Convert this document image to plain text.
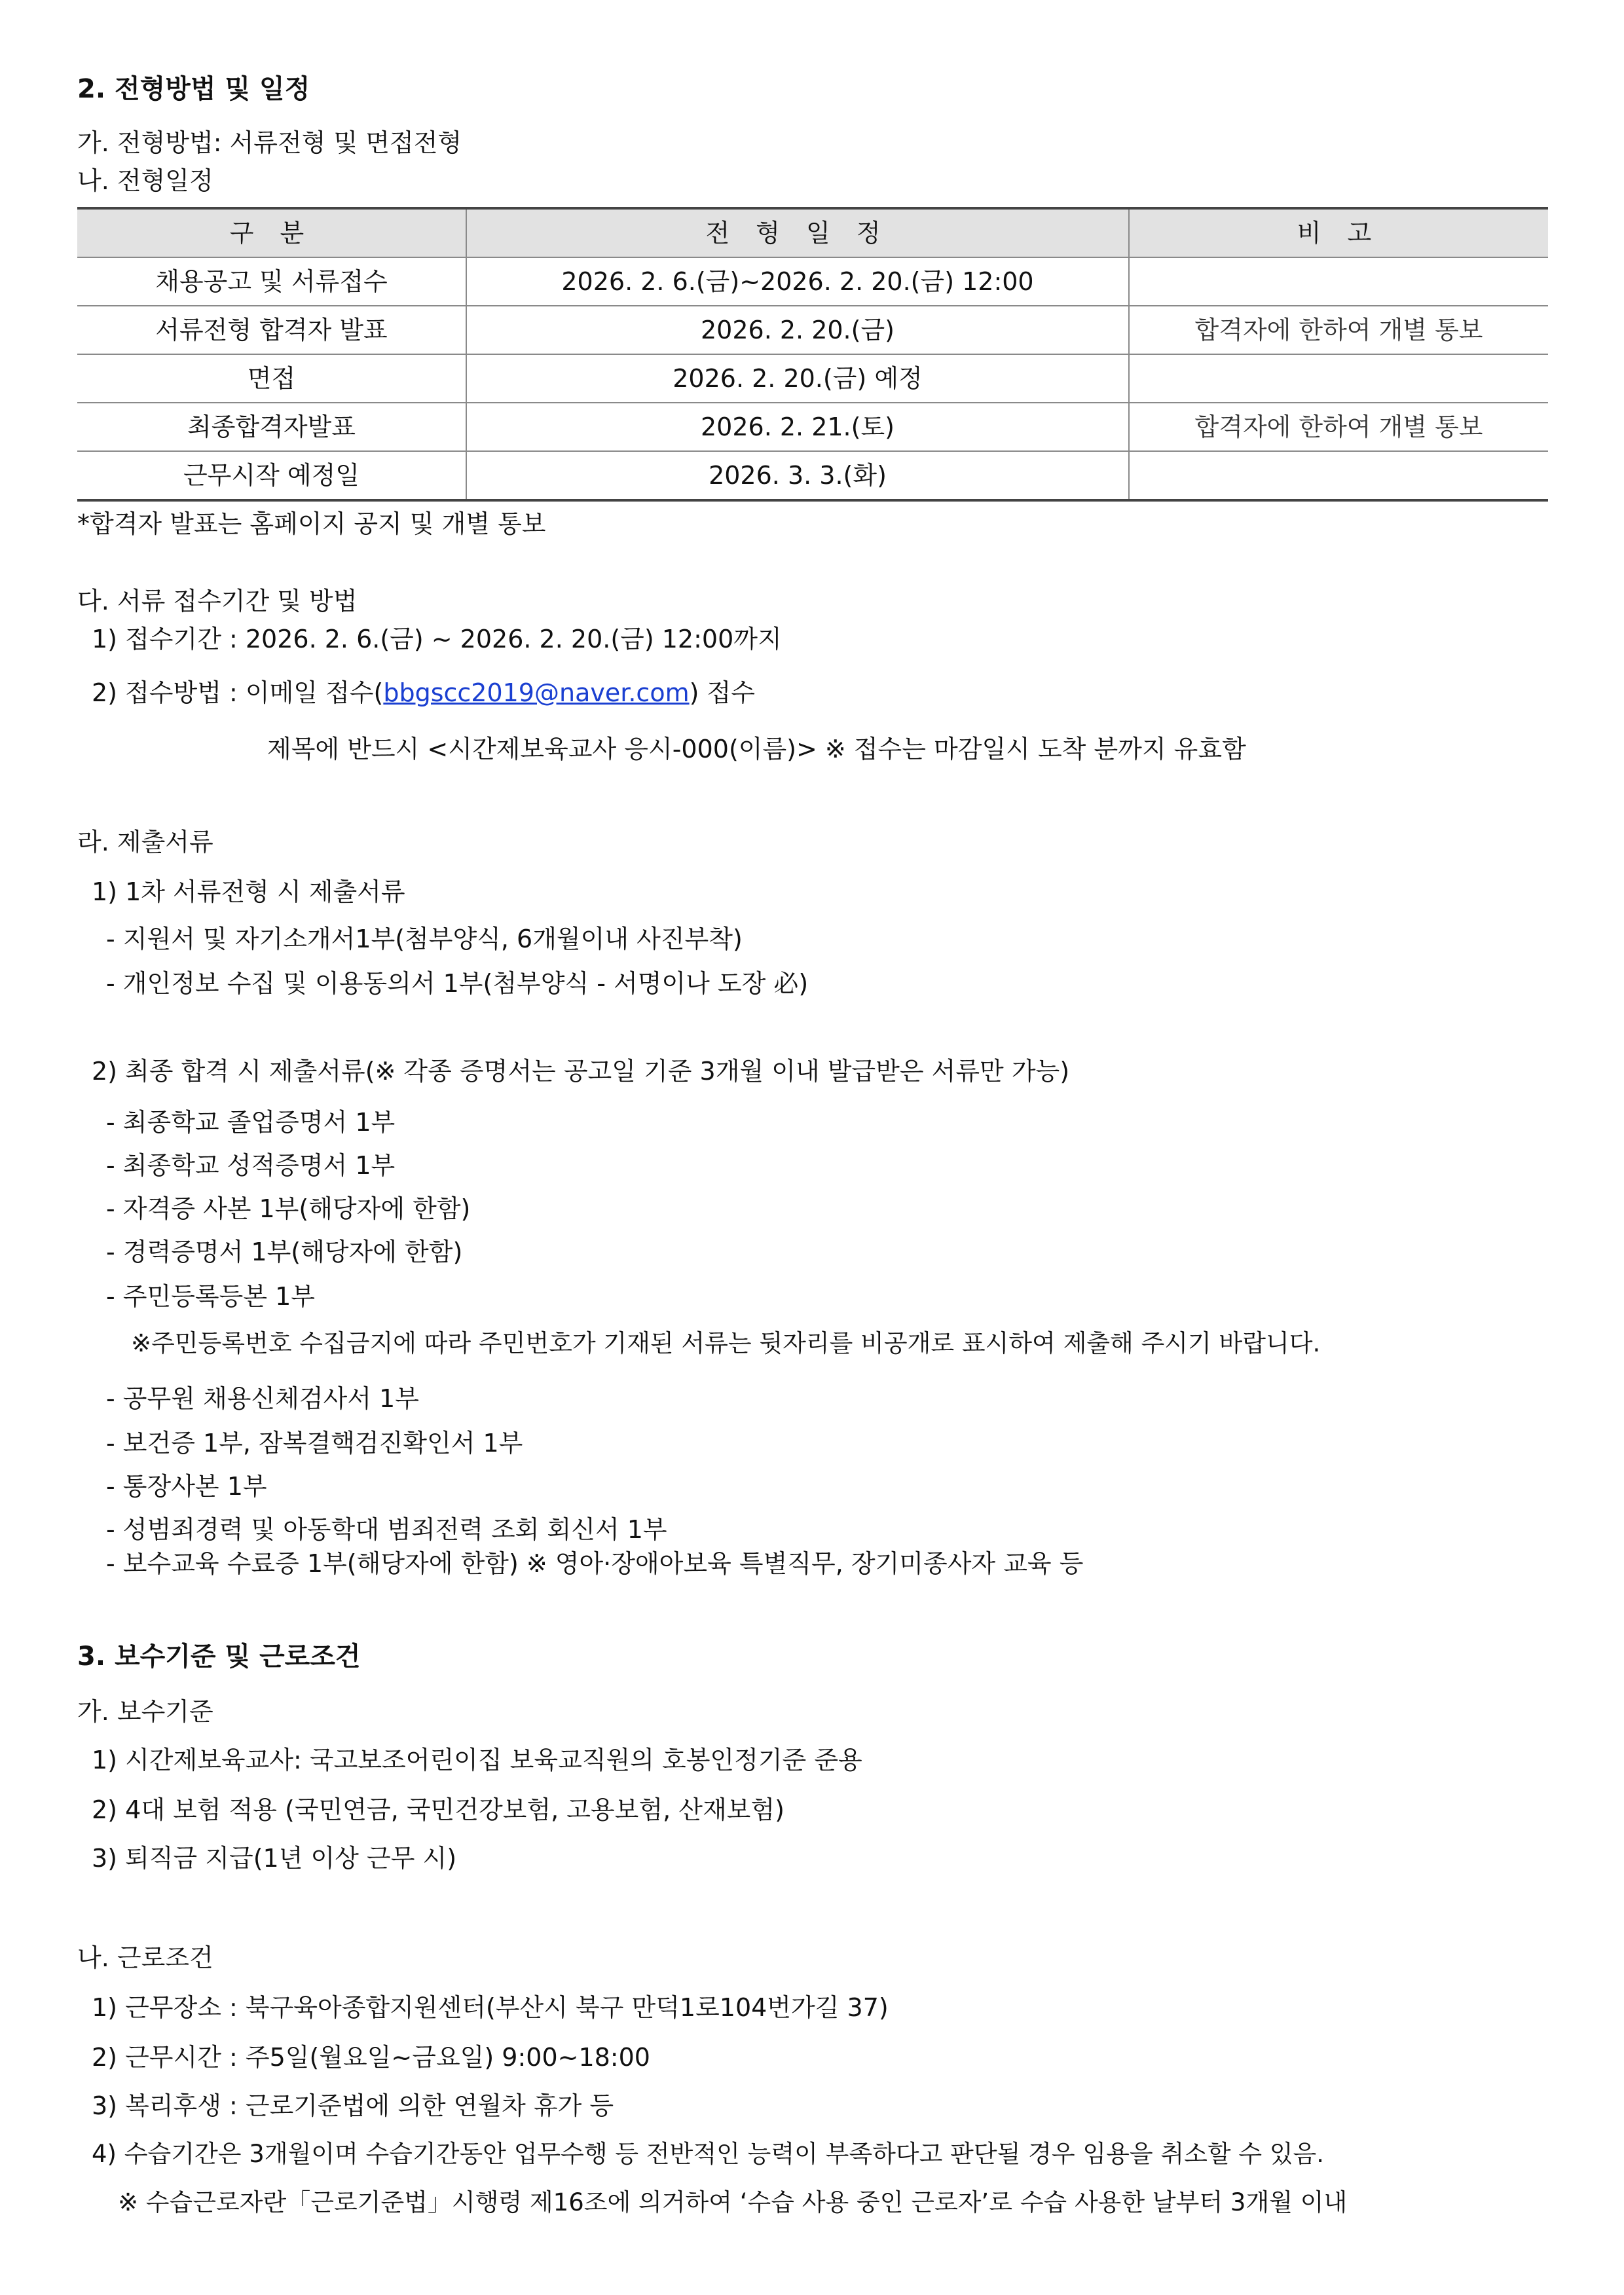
2. 전형방법 및 일정
가. 전형방법: 서류전형 및 면접전형
나. 전형일정
구 분	전 형 일 정	비 고
채용공고 및 서류접수	2026. 2. 6.(금)~2026. 2. 20.(금) 12:00	
서류전형 합격자 발표	2026. 2. 20.(금)	합격자에 한하여 개별 통보
면접	2026. 2. 20.(금) 예정	
최종합격자발표	2026. 2. 21.(토)	합격자에 한하여 개별 통보
근무시작 예정일	2026. 3. 3.(화)	
*합격자 발표는 홈페이지 공지 및 개별 통보
다. 서류 접수기간 및 방법
1) 접수기간 : 2026. 2. 6.(금) ~ 2026. 2. 20.(금) 12:00까지
2) 접수방법 : 이메일 접수(bbgscc2019@naver.com) 접수
제목에 반드시 <시간제보육교사 응시-000(이름)> ※ 접수는 마감일시 도착 분까지 유효함
라. 제출서류
1) 1차 서류전형 시 제출서류
- 지원서 및 자기소개서1부(첨부양식, 6개월이내 사진부착)
- 개인정보 수집 및 이용동의서 1부(첨부양식 - 서명이나 도장 必)
2) 최종 합격 시 제출서류(※ 각종 증명서는 공고일 기준 3개월 이내 발급받은 서류만 가능)
- 최종학교 졸업증명서 1부
- 최종학교 성적증명서 1부
- 자격증 사본 1부(해당자에 한함)
- 경력증명서 1부(해당자에 한함)
- 주민등록등본 1부
※주민등록번호 수집금지에 따라 주민번호가 기재된 서류는 뒷자리를 비공개로 표시하여 제출해 주시기 바랍니다.
- 공무원 채용신체검사서 1부
- 보건증 1부, 잠복결핵검진확인서 1부
- 통장사본 1부
- 성범죄경력 및 아동학대 범죄전력 조회 회신서 1부
- 보수교육 수료증 1부(해당자에 한함) ※ 영아·장애아보육 특별직무, 장기미종사자 교육 등
3. 보수기준 및 근로조건
가. 보수기준
1) 시간제보육교사: 국고보조어린이집 보육교직원의 호봉인정기준 준용
2) 4대 보험 적용 (국민연금, 국민건강보험, 고용보험, 산재보험)
3) 퇴직금 지급(1년 이상 근무 시)
나. 근로조건
1) 근무장소 : 북구육아종합지원센터(부산시 북구 만덕1로104번가길 37)
2) 근무시간 : 주5일(월요일~금요일) 9:00~18:00
3) 복리후생 : 근로기준법에 의한 연월차 휴가 등
4) 수습기간은 3개월이며 수습기간동안 업무수행 등 전반적인 능력이 부족하다고 판단될 경우 임용을 취소할 수 있음.
※ 수습근로자란「근로기준법」시행령 제16조에 의거하여 ‘수습 사용 중인 근로자’로 수습 사용한 날부터 3개월 이내
